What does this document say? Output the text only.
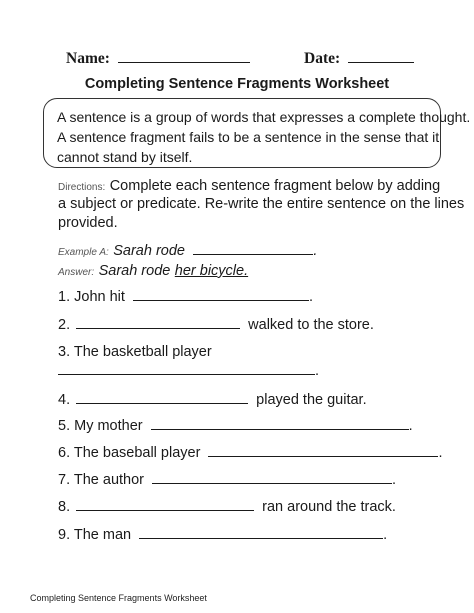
Name:	Date:
Completing Sentence Fragments Worksheet
A sentence is a group of words that expresses a complete thought.
A sentence fragment fails to be a sentence in the sense that it
cannot stand by itself.
Directions: Complete each sentence fragment below by adding
a subject or predicate. Re-write the entire sentence on the lines
provided.
Example A: Sarah rode	.
Answer: Sarah rode her bicycle.
1. John hit	.
2.	walked to the store.
3. The basketball player
.
4.	played the guitar.
5. My mother	.
6. The baseball player	.
7. The author	.
8.	ran around the track.
9. The man	.
Completing Sentence Fragments Worksheet
